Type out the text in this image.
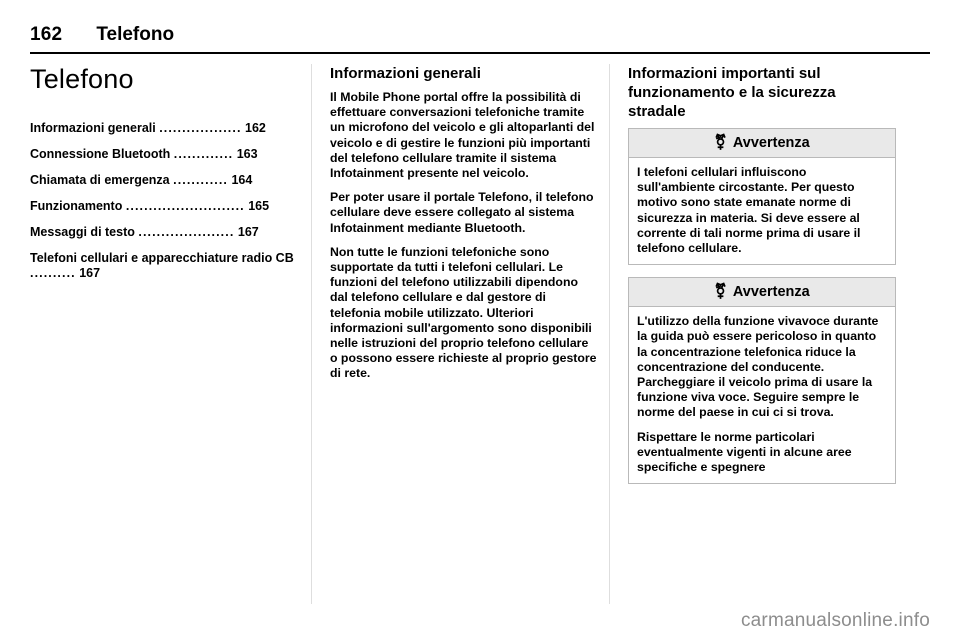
162 Telefono
Telefono
Informazioni generali .................. 162
Connessione Bluetooth ............. 163
Chiamata di emergenza ............ 164
Funzionamento .......................... 165
Messaggi di testo ..................... 167
Telefoni cellulari e apparecchiature radio CB .......... 167
Informazioni generali

Il Mobile Phone portal offre la possibilità di effettuare conversazioni telefoniche tramite un microfono del veicolo e gli altoparlanti del veicolo e di gestire le funzioni più importanti del telefono cellulare tramite il sistema Infotainment presente nel veicolo.

Per poter usare il portale Telefono, il telefono cellulare deve essere collegato al sistema Infotainment mediante Bluetooth.

Non tutte le funzioni telefoniche sono supportate da tutti i telefoni cellulari. Le funzioni del telefono utilizzabili dipendono dal telefono cellulare e dal gestore di telefonia mobile utilizzato. Ulteriori informazioni sull'argomento sono disponibili nelle istruzioni del proprio telefono cellulare o possono essere richieste al proprio gestore di rete.

Informazioni importanti sul funzionamento e la sicurezza stradale
⚧ Avvertenza

I telefoni cellulari influiscono sull'ambiente circostante. Per questo motivo sono state emanate norme di sicurezza in materia. Si deve essere al corrente di tali norme prima di usare il telefono cellulare.

⚧ Avvertenza

L'utilizzo della funzione vivavoce durante la guida può essere pericoloso in quanto la concentrazione telefonica riduce la concentrazione del conducente. Parcheggiare il veicolo prima di usare la funzione viva voce. Seguire sempre le norme del paese in cui ci si trova.

Rispettare le norme particolari eventualmente vigenti in alcune aree specifiche e spegnere

carmanualsonline.info
